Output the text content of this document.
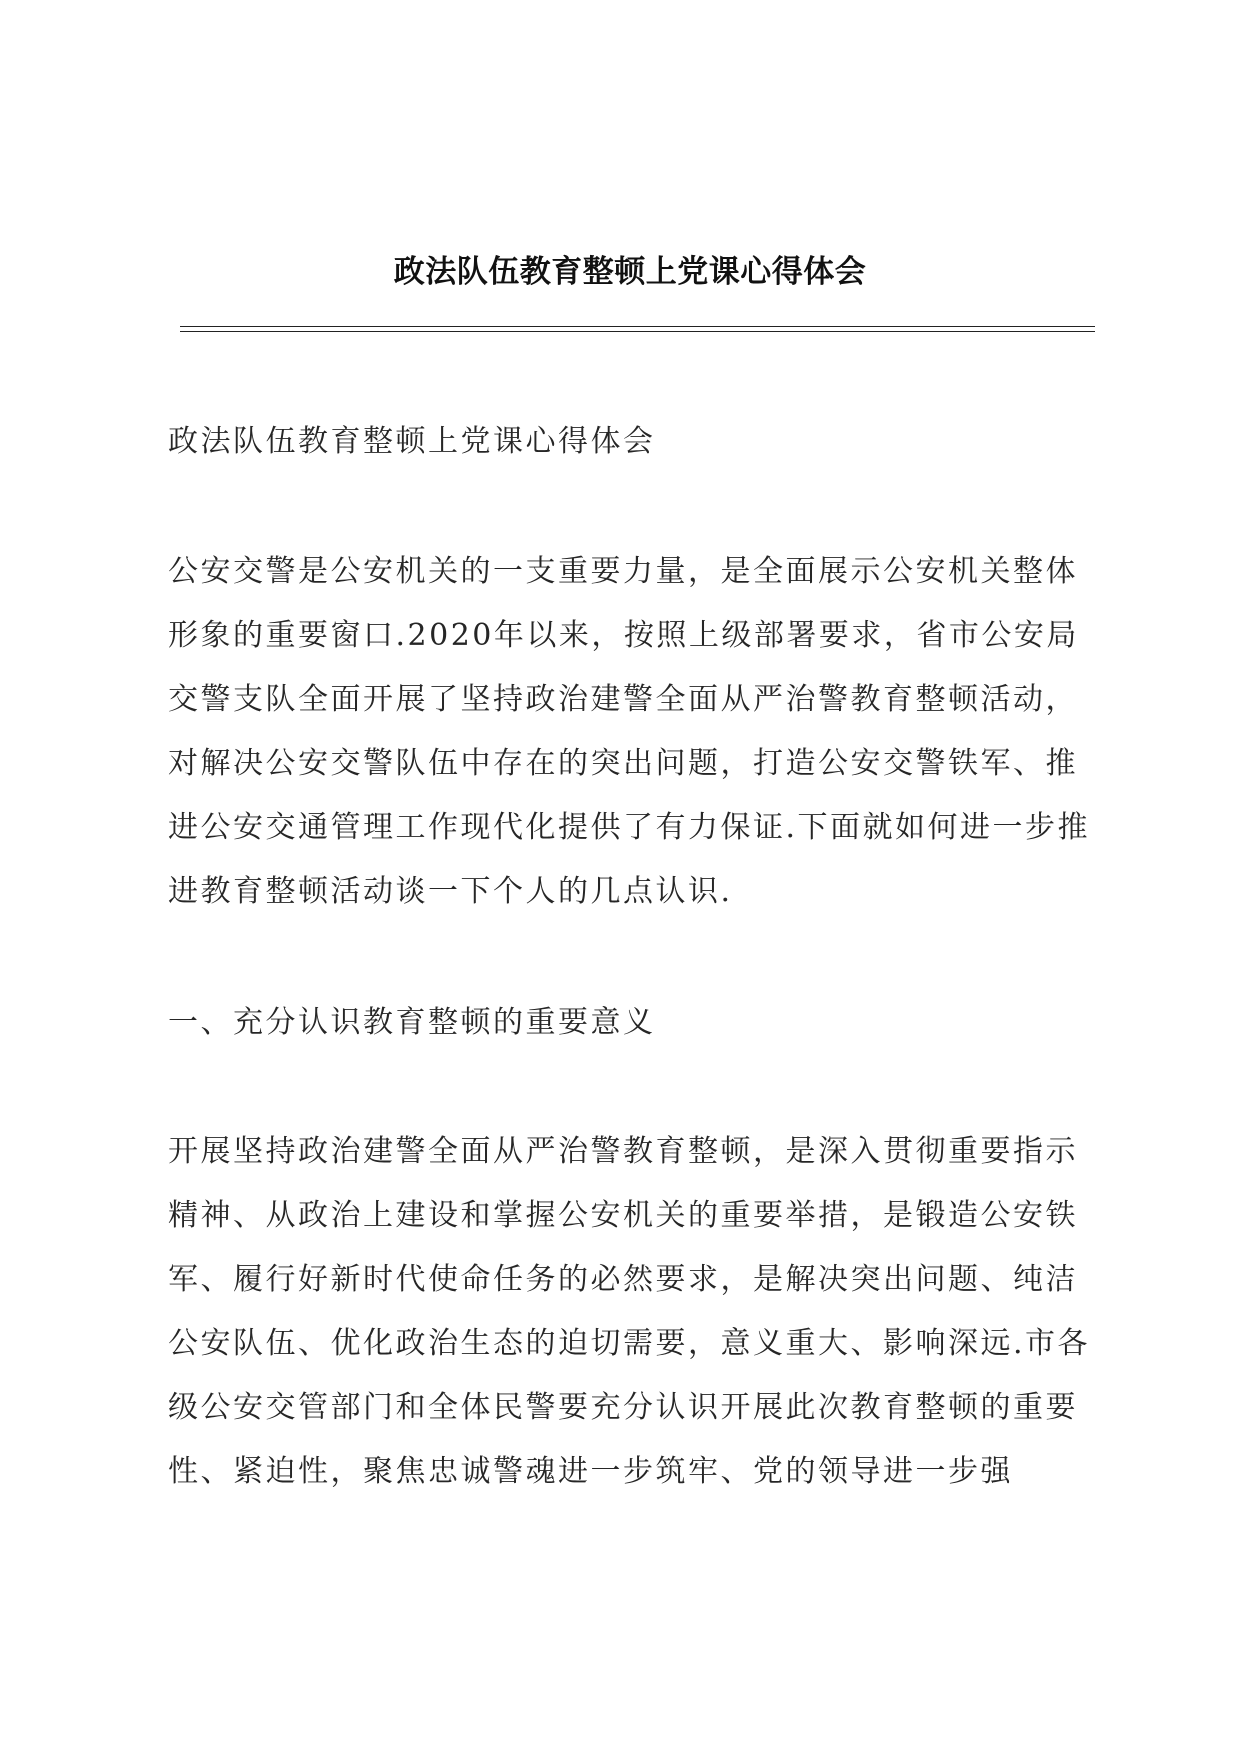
政法队伍教育整顿上党课心得体会

政法队伍教育整顿上党课心得体会

公安交警是公安机关的一支重要力量，是全面展示公安机关整体形象的重要窗口.2020年以来，按照上级部署要求，省市公安局交警支队全面开展了坚持政治建警全面从严治警教育整顿活动，对解决公安交警队伍中存在的突出问题，打造公安交警铁军、推进公安交通管理工作现代化提供了有力保证.下面就如何进一步推进教育整顿活动谈一下个人的几点认识.

一、充分认识教育整顿的重要意义

开展坚持政治建警全面从严治警教育整顿，是深入贯彻重要指示精神、从政治上建设和掌握公安机关的重要举措，是锻造公安铁军、履行好新时代使命任务的必然要求，是解决突出问题、纯洁公安队伍、优化政治生态的迫切需要，意义重大、影响深远.市各级公安交管部门和全体民警要充分认识开展此次教育整顿的重要性、紧迫性，聚焦忠诚警魂进一步筑牢、党的领导进一步强
